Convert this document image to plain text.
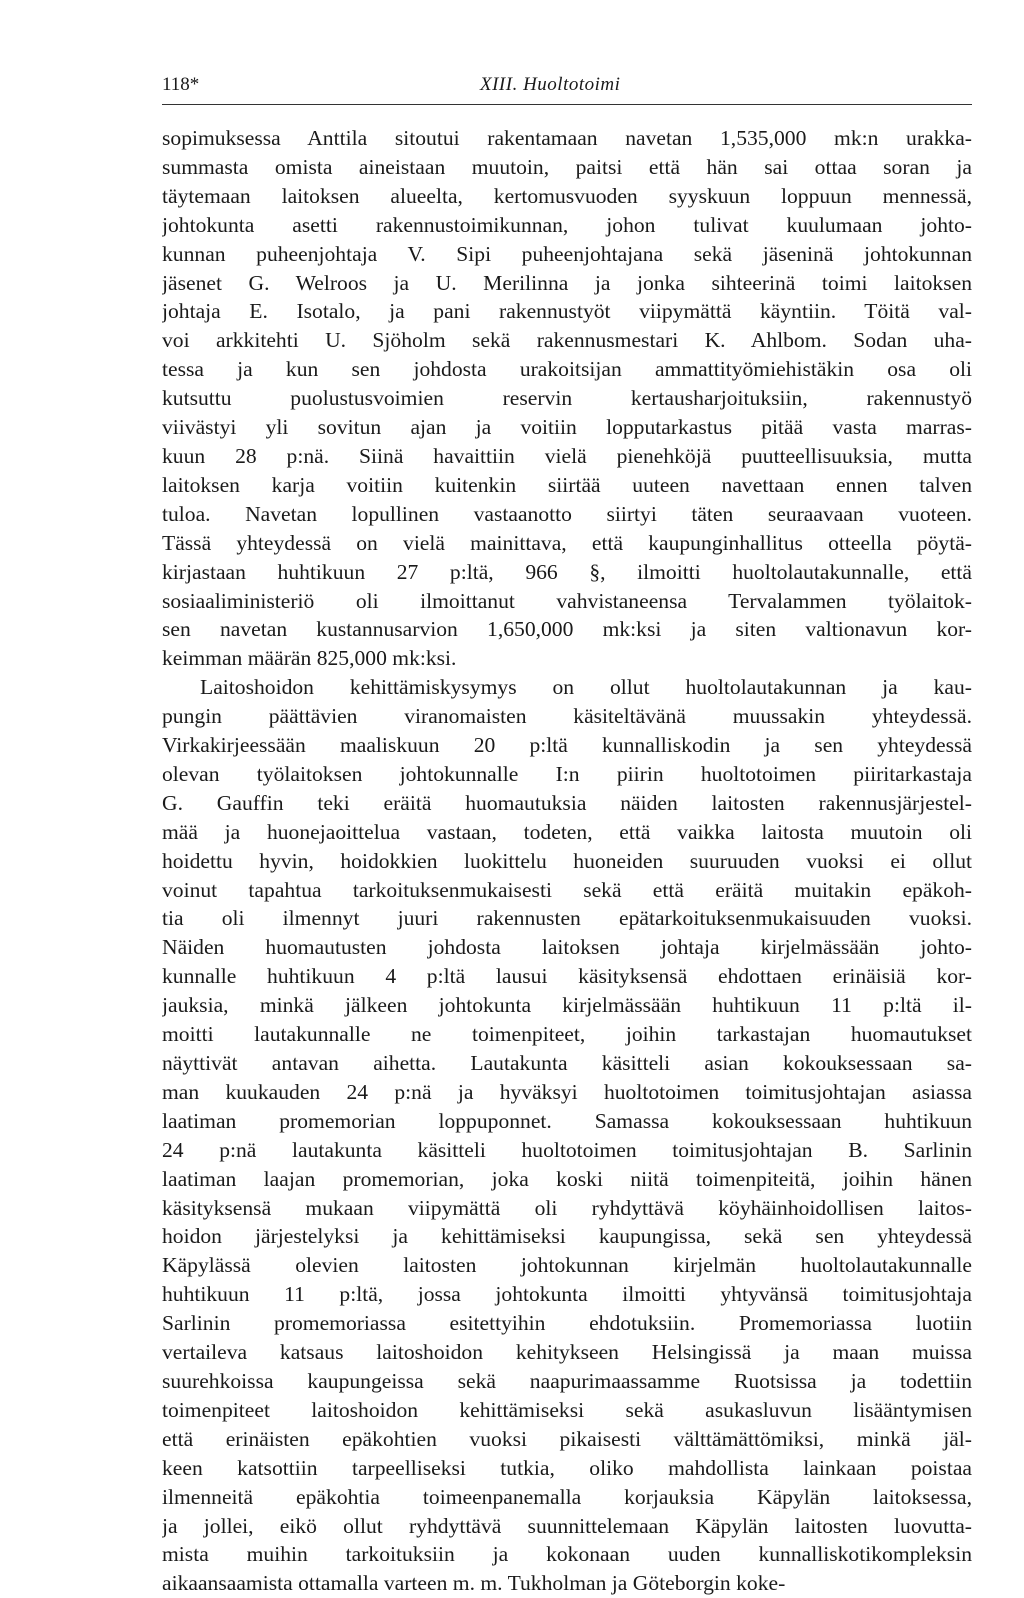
118*	XIII. Huoltotoimi
sopimuksessa Anttila sitoutui rakentamaan navetan 1,535,000 mk:n urakka-
summasta omista aineistaan muutoin, paitsi että hän sai ottaa soran ja
täytemaan laitoksen alueelta, kertomusvuoden syyskuun loppuun mennessä,
johtokunta asetti rakennustoimikunnan, johon tulivat kuulumaan johto-
kunnan puheenjohtaja V. Sipi puheenjohtajana sekä jäseninä johtokunnan
jäsenet G. Welroos ja U. Merilinna ja jonka sihteerinä toimi laitoksen
johtaja E. Isotalo, ja pani rakennustyöt viipymättä käyntiin. Töitä val-
voi arkkitehti U. Sjöholm sekä rakennusmestari K. Ahlbom. Sodan uha-
tessa ja kun sen johdosta urakoitsijan ammattityömiehistäkin osa oli
kutsuttu puolustusvoimien reservin kertausharjoituksiin, rakennustyö
viivästyi yli sovitun ajan ja voitiin lopputarkastus pitää vasta marras-
kuun 28 p:nä. Siinä havaittiin vielä pienehköjä puutteellisuuksia, mutta
laitoksen karja voitiin kuitenkin siirtää uuteen navettaan ennen talven
tuloa. Navetan lopullinen vastaanotto siirtyi täten seuraavaan vuoteen.
Tässä yhteydessä on vielä mainittava, että kaupunginhallitus otteella pöytä-
kirjastaan huhtikuun 27 p:ltä, 966 §, ilmoitti huoltolautakunnalle, että
sosiaaliministeriö oli ilmoittanut vahvistaneensa Tervalammen työlaitok-
sen navetan kustannusarvion 1,650,000 mk:ksi ja siten valtionavun kor-
keimman määrän 825,000 mk:ksi.
Laitoshoidon kehittämiskysymys on ollut huoltolautakunnan ja kau-
pungin päättävien viranomaisten käsiteltävänä muussakin yhteydessä.
Virkakirjeessään maaliskuun 20 p:ltä kunnalliskodin ja sen yhteydessä
olevan työlaitoksen johtokunnalle I:n piirin huoltotoimen piiritarkastaja
G. Gauffin teki eräitä huomautuksia näiden laitosten rakennusjärjestel-
mää ja huonejaoittelua vastaan, todeten, että vaikka laitosta muutoin oli
hoidettu hyvin, hoidokkien luokittelu huoneiden suuruuden vuoksi ei ollut
voinut tapahtua tarkoituksenmukaisesti sekä että eräitä muitakin epäkoh-
tia oli ilmennyt juuri rakennusten epätarkoituksenmukaisuuden vuoksi.
Näiden huomautusten johdosta laitoksen johtaja kirjelmässään johto-
kunnalle huhtikuun 4 p:ltä lausui käsityksensä ehdottaen erinäisiä kor-
jauksia, minkä jälkeen johtokunta kirjelmässään huhtikuun 11 p:ltä il-
moitti lautakunnalle ne toimenpiteet, joihin tarkastajan huomautukset
näyttivät antavan aihetta. Lautakunta käsitteli asian kokouksessaan sa-
man kuukauden 24 p:nä ja hyväksyi huoltotoimen toimitusjohtajan asiassa
laatiman promemorian loppuponnet. Samassa kokouksessaan huhtikuun
24 p:nä lautakunta käsitteli huoltotoimen toimitusjohtajan B. Sarlinin
laatiman laajan promemorian, joka koski niitä toimenpiteitä, joihin hänen
käsityksensä mukaan viipymättä oli ryhdyttävä köyhäinhoidollisen laitos-
hoidon järjestelyksi ja kehittämiseksi kaupungissa, sekä sen yhteydessä
Käpylässä olevien laitosten johtokunnan kirjelmän huoltolautakunnalle
huhtikuun 11 p:ltä, jossa johtokunta ilmoitti yhtyvänsä toimitusjohtaja
Sarlinin promemoriassa esitettyihin ehdotuksiin. Promemoriassa luotiin
vertaileva katsaus laitoshoidon kehitykseen Helsingissä ja maan muissa
suurehkoissa kaupungeissa sekä naapurimaassamme Ruotsissa ja todettiin
toimenpiteet laitoshoidon kehittämiseksi sekä asukasluvun lisääntymisen
että erinäisten epäkohtien vuoksi pikaisesti välttämättömiksi, minkä jäl-
keen katsottiin tarpeelliseksi tutkia, oliko mahdollista lainkaan poistaa
ilmenneitä epäkohtia toimeenpanemalla korjauksia Käpylän laitoksessa,
ja jollei, eikö ollut ryhdyttävä suunnittelemaan Käpylän laitosten luovutta-
mista muihin tarkoituksiin ja kokonaan uuden kunnalliskotikompleksin
aikaansaamista ottamalla varteen m. m. Tukholman ja Göteborgin koke-
